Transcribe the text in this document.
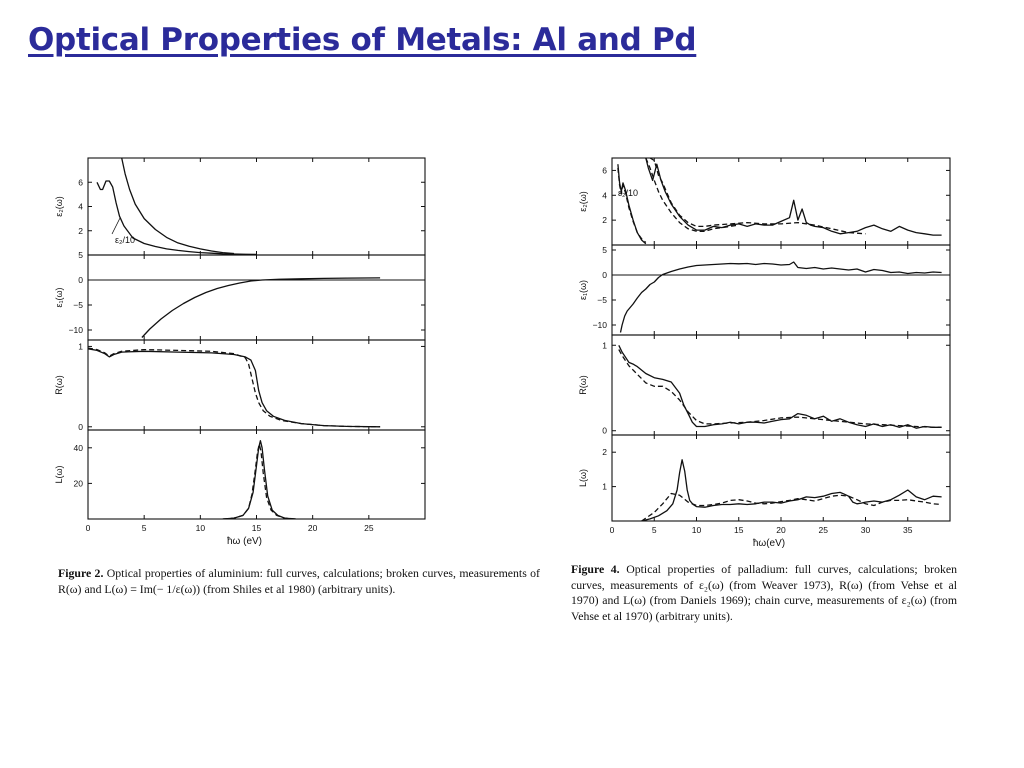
Optical Properties of Metals: Al and Pd
2
4
6
ε₂(ω)
5
0
−5
−10
ε₁(ω)
0
1
R(ω)
20
40
L(ω)
0	5	10	15	20	25
ħω (eV)
ε₂/10
2
4
6
ε₂(ω)
5
0
−5
−10
ε₁(ω)
0
1
R(ω)
1
2
L(ω)
0	5	10	15	20	25	30	35
ħω(eV)
ε₂/10
Figure 2. Optical properties of aluminium: full curves, calculations; broken curves, measurements of R(ω) and L(ω) = Im(− 1/ε(ω)) (from Shiles et al 1980) (arbitrary units).
Figure 4. Optical properties of palladium: full curves, calculations; broken curves, measurements of ε₂(ω) (from Weaver 1973), R(ω) (from Vehse et al 1970) and L(ω) (from Daniels 1969); chain curve, measurements of ε₂(ω) (from Vehse et al 1970) (arbitrary units).
